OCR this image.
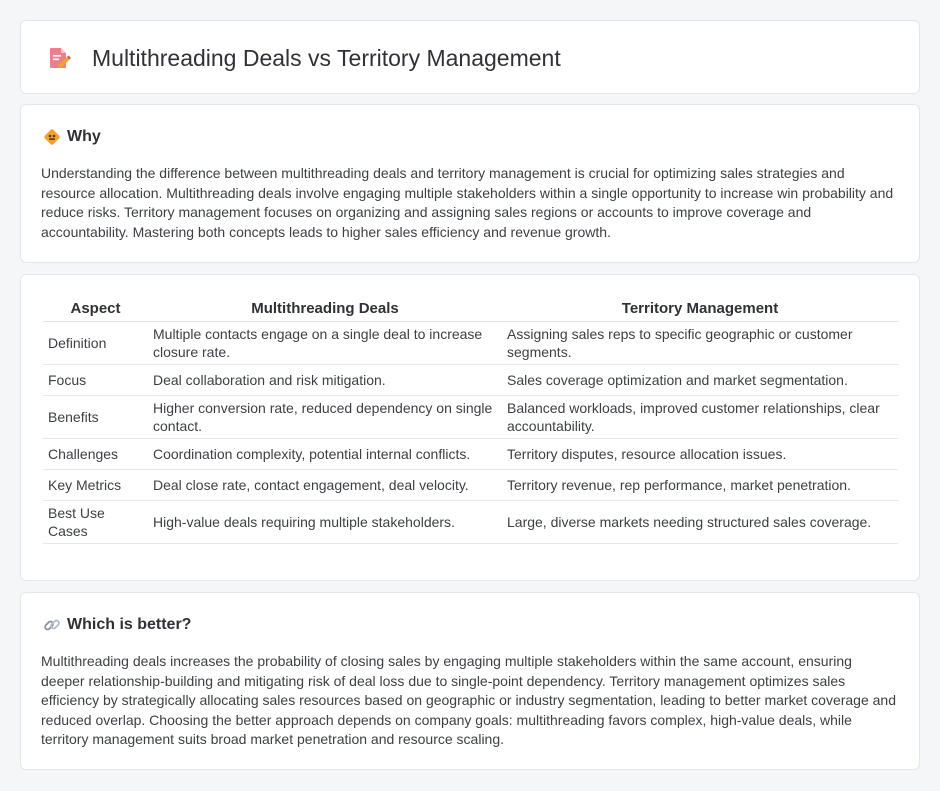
Multithreading Deals vs Territory Management
Why

Understanding the difference between multithreading deals and territory management is crucial for optimizing sales strategies and resource allocation. Multithreading deals involve engaging multiple stakeholders within a single opportunity to increase win probability and reduce risks. Territory management focuses on organizing and assigning sales regions or accounts to improve coverage and accountability. Mastering both concepts leads to higher sales efficiency and revenue growth.

Aspect	Multithreading Deals	Territory Management
Definition	Multiple contacts engage on a single deal to increase closure rate.	Assigning sales reps to specific geographic or customer segments.
Focus	Deal collaboration and risk mitigation.	Sales coverage optimization and market segmentation.
Benefits	Higher conversion rate, reduced dependency on single contact.	Balanced workloads, improved customer relationships, clear accountability.
Challenges	Coordination complexity, potential internal conflicts.	Territory disputes, resource allocation issues.
Key Metrics	Deal close rate, contact engagement, deal velocity.	Territory revenue, rep performance, market penetration.
Best Use Cases	High-value deals requiring multiple stakeholders.	Large, diverse markets needing structured sales coverage.
Which is better?

Multithreading deals increases the probability of closing sales by engaging multiple stakeholders within the same account, ensuring deeper relationship-building and mitigating risk of deal loss due to single-point dependency. Territory management optimizes sales efficiency by strategically allocating sales resources based on geographic or industry segmentation, leading to better market coverage and reduced overlap. Choosing the better approach depends on company goals: multithreading favors complex, high-value deals, while territory management suits broad market penetration and resource scaling.
